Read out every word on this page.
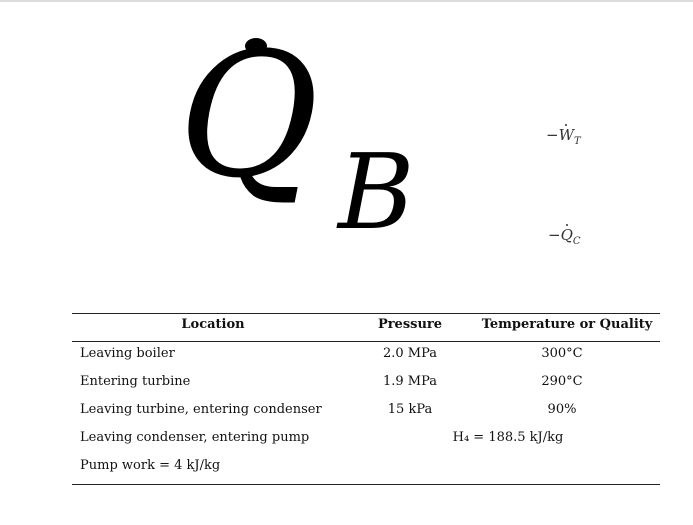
Q B	$-W_T$
$-Q_C$
Location	Pressure	Temperature or Quality
Leaving boiler	2.0 MPa	300°C
Entering turbine	1.9 MPa	290°C
Leaving turbine, entering condenser	15 kPa	90%
Leaving condenser, entering pump	H₄ = 188.5 kJ/kg
Pump work = 4 kJ/kg
